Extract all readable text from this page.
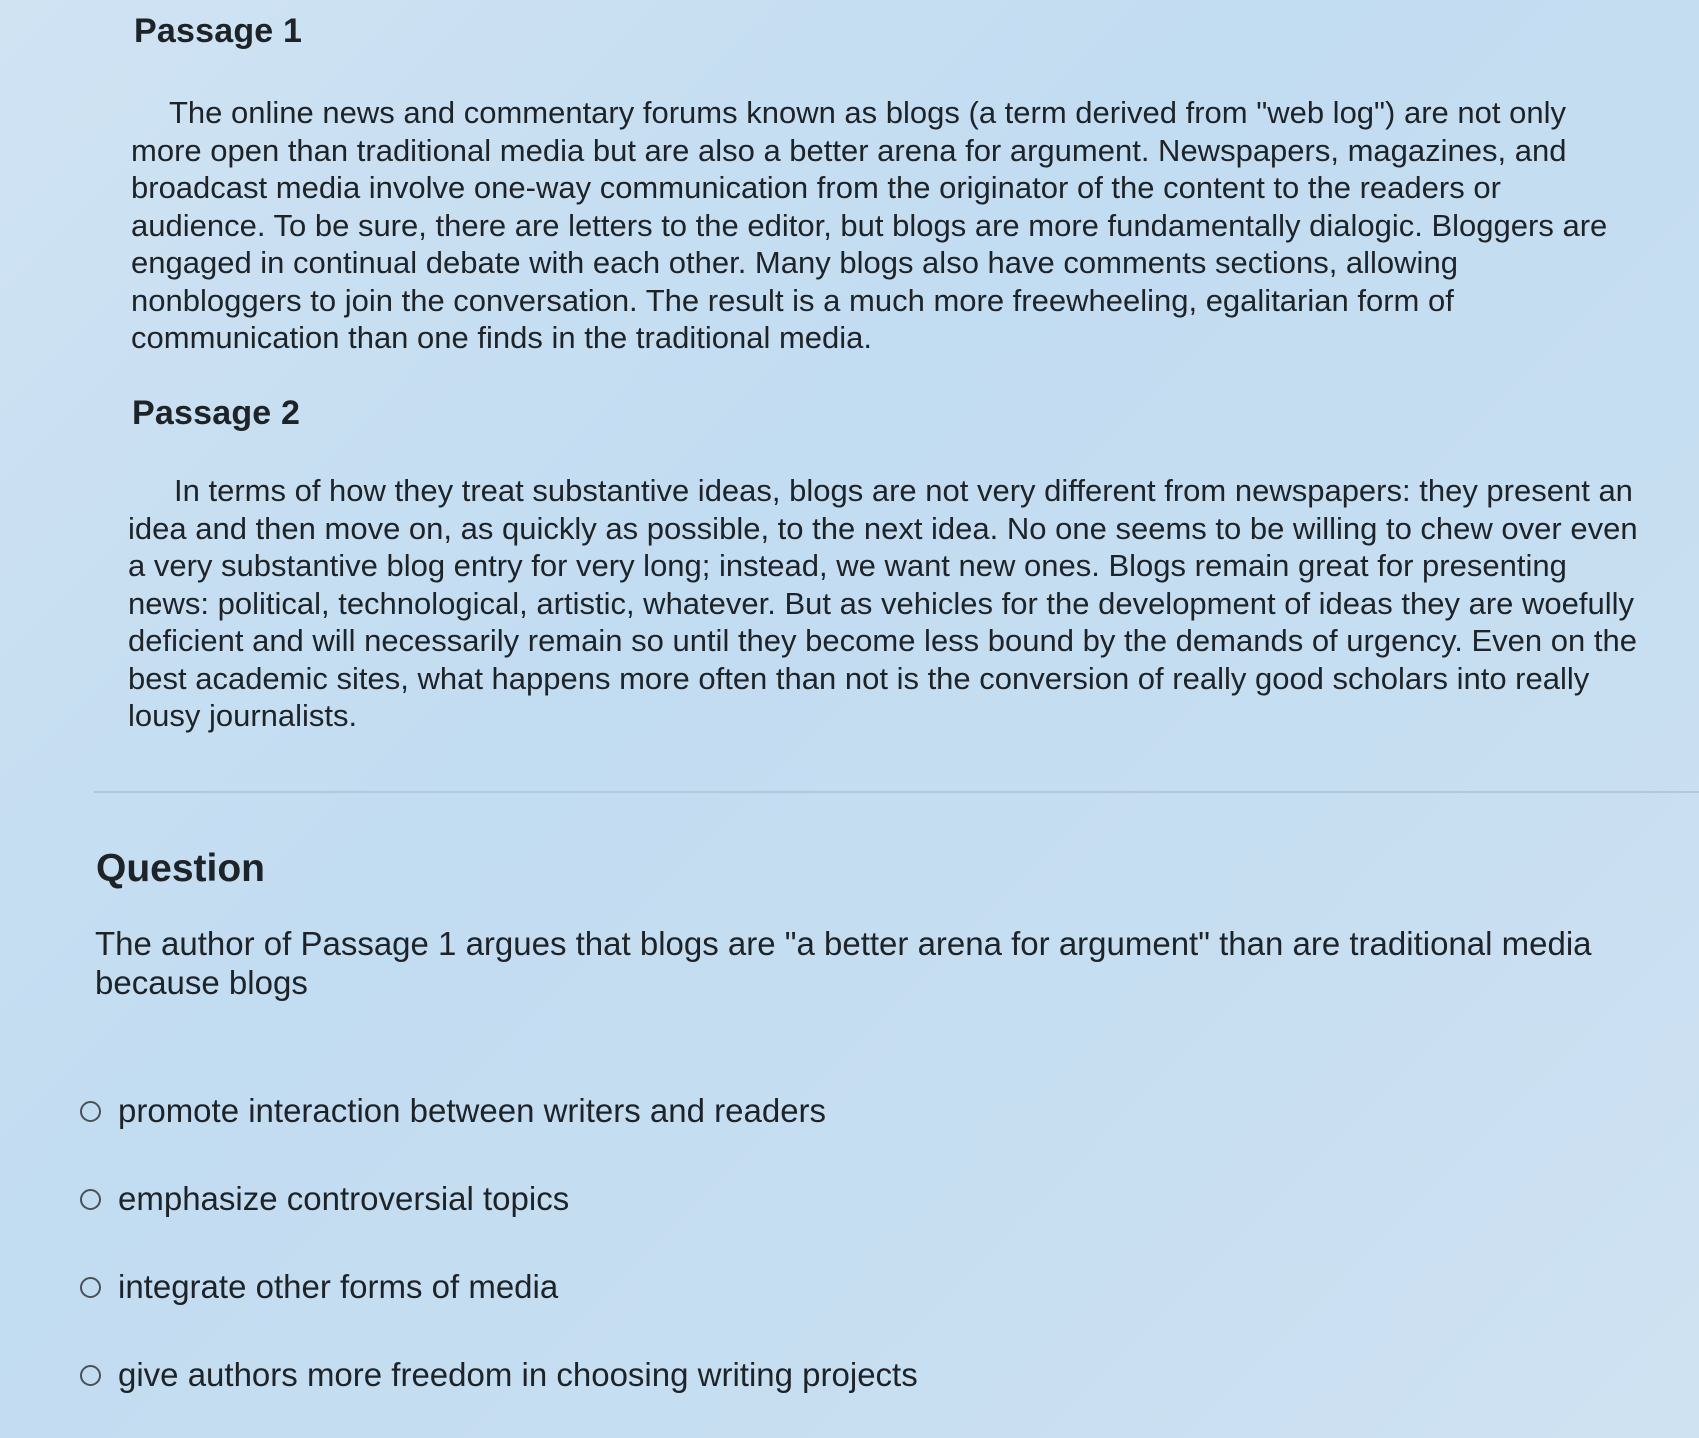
Passage 1

The online news and commentary forums known as blogs (a term derived from "web log") are not only more open than traditional media but are also a better arena for argument. Newspapers, magazines, and broadcast media involve one-way communication from the originator of the content to the readers or audience. To be sure, there are letters to the editor, but blogs are more fundamentally dialogic. Bloggers are engaged in continual debate with each other. Many blogs also have comments sections, allowing nonbloggers to join the conversation. The result is a much more freewheeling, egalitarian form of communication than one finds in the traditional media.

Passage 2

In terms of how they treat substantive ideas, blogs are not very different from newspapers: they present an idea and then move on, as quickly as possible, to the next idea. No one seems to be willing to chew over even a very substantive blog entry for very long; instead, we want new ones. Blogs remain great for presenting news: political, technological, artistic, whatever. But as vehicles for the development of ideas they are woefully deficient and will necessarily remain so until they become less bound by the demands of urgency. Even on the best academic sites, what happens more often than not is the conversion of really good scholars into really lousy journalists.

Question

The author of Passage 1 argues that blogs are "a better arena for argument" than are traditional media because blogs

promote interaction between writers and readers
emphasize controversial topics
integrate other forms of media
give authors more freedom in choosing writing projects
